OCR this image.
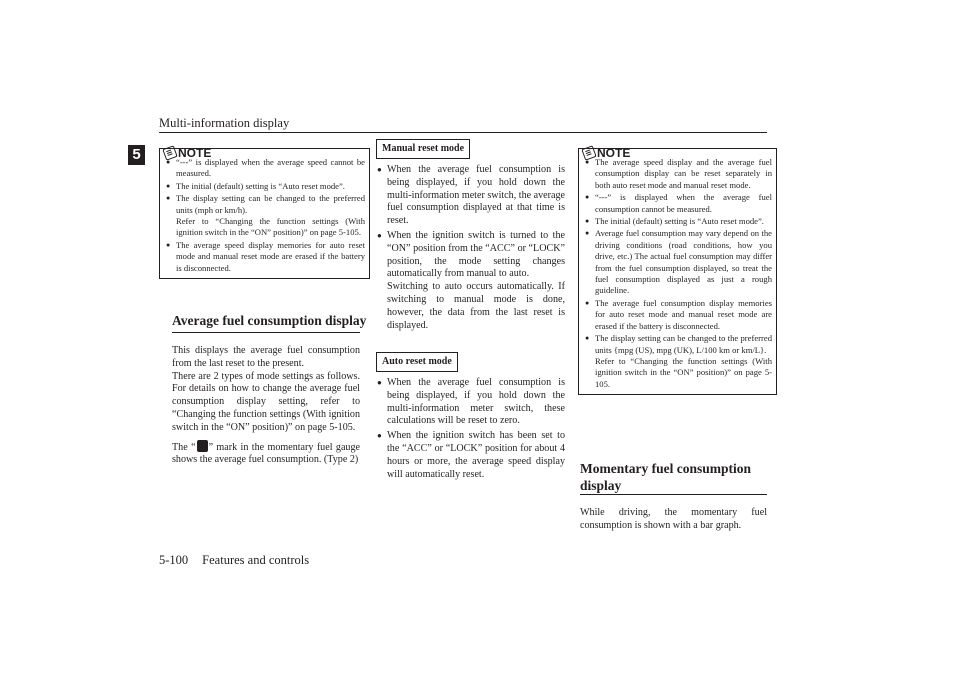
Multi-information display
5	NOTE
● “---” is displayed when the average speed cannot be measured.
● The initial (default) setting is “Auto reset mode”.
● The display setting can be changed to the preferred units (mph or km/h).
Refer to “Changing the function settings (With ignition switch in the “ON” position)” on page 5-105.
● The average speed display memories for auto reset mode and manual reset mode are erased if the battery is disconnected.
Average fuel consumption display
This displays the average fuel consumption from the last reset to the present.
There are 2 types of mode settings as follows. For details on how to change the average fuel consumption display setting, refer to “Changing the function settings (With ignition switch in the “ON” position)” on page 5-105.
The “ ” mark in the momentary fuel gauge shows the average fuel consumption. (Type 2)
Manual reset mode
● When the average fuel consumption is being displayed, if you hold down the multi-information meter switch, the average fuel consumption displayed at that time is reset.
● When the ignition switch is turned to the “ON” position from the “ACC” or “LOCK” position, the mode setting changes automatically from manual to auto.
Switching to auto occurs automatically. If switching to manual mode is done, however, the data from the last reset is displayed.
Auto reset mode
● When the average fuel consumption is being displayed, if you hold down the multi-information meter switch, these calculations will be reset to zero.
● When the ignition switch has been set to the “ACC” or “LOCK” position for about 4 hours or more, the average speed display will automatically reset.
NOTE
● The average speed display and the average fuel consumption display can be reset separately in both auto reset mode and manual reset mode.
● “---” is displayed when the average fuel consumption cannot be measured.
● The initial (default) setting is “Auto reset mode”.
● Average fuel consumption may vary depend on the driving conditions (road conditions, how you drive, etc.) The actual fuel consumption may differ from the fuel consumption displayed, so treat the fuel consumption displayed as just a rough guideline.
● The average fuel consumption display memories for auto reset mode and manual reset mode are erased if the battery is disconnected.
● The display setting can be changed to the preferred units {mpg (US), mpg (UK), L/100 km or km/L}.
Refer to “Changing the function settings (With ignition switch in the “ON” position)” on page 5-105.
Momentary fuel consumption display
While driving, the momentary fuel consumption is shown with a bar graph.
5-100 Features and controls
